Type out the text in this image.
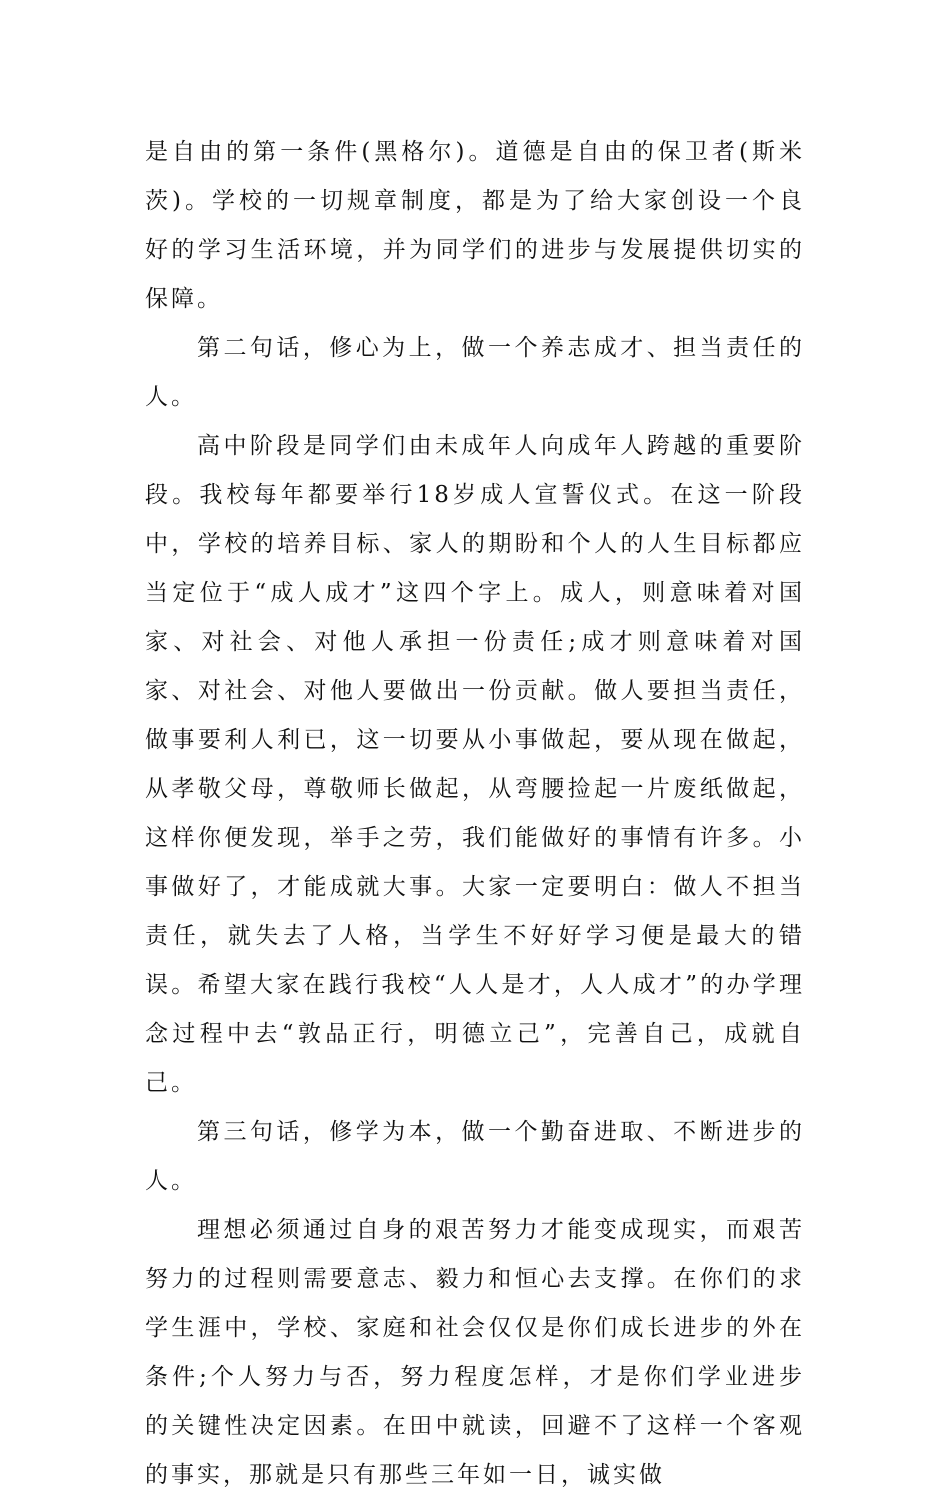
是自由的第一条件(黑格尔)。道德是自由的保卫者(斯米茨)。学校的一切规章制度，都是为了给大家创设一个良好的学习生活环境，并为同学们的进步与发展提供切实的保障。

第二句话，修心为上，做一个养志成才、担当责任的人。

高中阶段是同学们由未成年人向成年人跨越的重要阶段。我校每年都要举行18岁成人宣誓仪式。在这一阶段中，学校的培养目标、家人的期盼和个人的人生目标都应当定位于“成人成才”这四个字上。成人，则意味着对国家、对社会、对他人承担一份责任;成才则意味着对国家、对社会、对他人要做出一份贡献。做人要担当责任，做事要利人利已，这一切要从小事做起，要从现在做起，从孝敬父母，尊敬师长做起，从弯腰捡起一片废纸做起，这样你便发现，举手之劳，我们能做好的事情有许多。小事做好了，才能成就大事。大家一定要明白：做人不担当责任，就失去了人格，当学生不好好学习便是最大的错误。希望大家在践行我校“人人是才，人人成才”的办学理念过程中去“敦品正行，明德立己”，完善自己，成就自己。

第三句话，修学为本，做一个勤奋进取、不断进步的人。

理想必须通过自身的艰苦努力才能变成现实，而艰苦努力的过程则需要意志、毅力和恒心去支撑。在你们的求学生涯中，学校、家庭和社会仅仅是你们成长进步的外在条件;个人努力与否，努力程度怎样，才是你们学业进步的关键性决定因素。在田中就读，回避不了这样一个客观的事实，那就是只有那些三年如一日，诚实做
